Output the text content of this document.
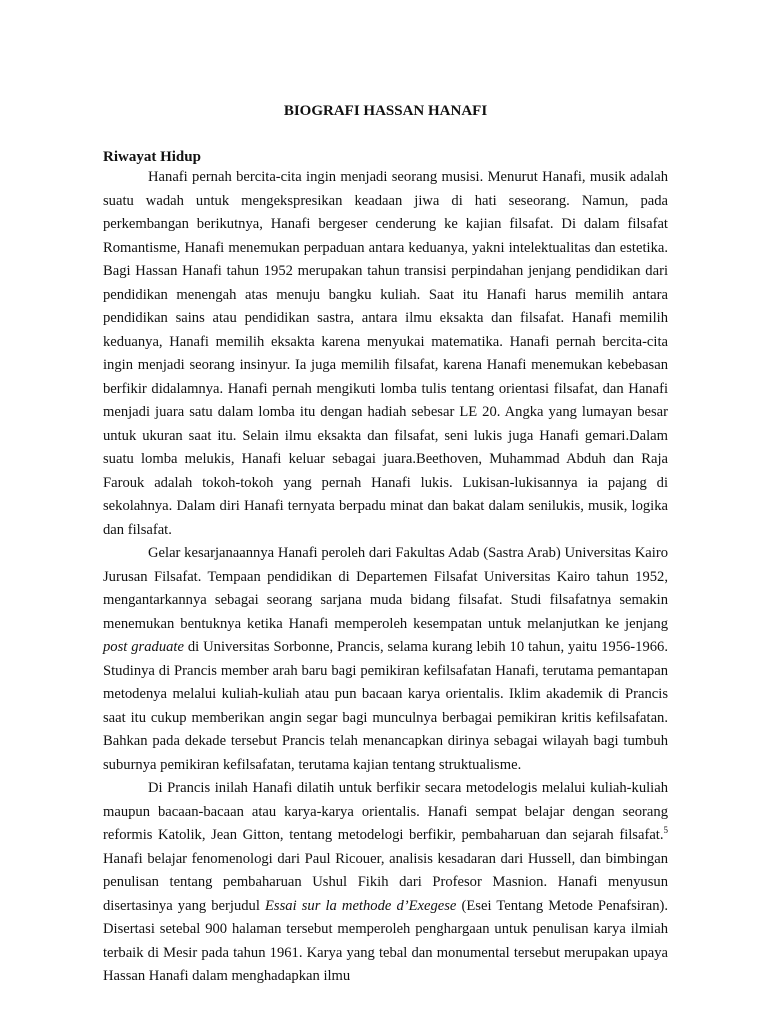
BIOGRAFI HASSAN HANAFI
Riwayat Hidup

Hanafi pernah bercita-cita ingin menjadi seorang musisi. Menurut Hanafi, musik adalah suatu wadah untuk mengekspresikan keadaan jiwa di hati seseorang. Namun, pada perkembangan berikutnya, Hanafi bergeser cenderung ke kajian filsafat. Di dalam filsafat Romantisme, Hanafi menemukan perpaduan antara keduanya, yakni intelektualitas dan estetika. Bagi Hassan Hanafi tahun 1952 merupakan tahun transisi perpindahan jenjang pendidikan dari pendidikan menengah atas menuju bangku kuliah. Saat itu Hanafi harus memilih antara pendidikan sains atau pendidikan sastra, antara ilmu eksakta dan filsafat. Hanafi memilih keduanya, Hanafi memilih eksakta karena menyukai matematika. Hanafi pernah bercita-cita ingin menjadi seorang insinyur. Ia juga memilih filsafat, karena Hanafi menemukan kebebasan berfikir didalamnya. Hanafi pernah mengikuti lomba tulis tentang orientasi filsafat, dan Hanafi menjadi juara satu dalam lomba itu dengan hadiah sebesar LE 20. Angka yang lumayan besar untuk ukuran saat itu. Selain ilmu eksakta dan filsafat, seni lukis juga Hanafi gemari.Dalam suatu lomba melukis, Hanafi keluar sebagai juara.Beethoven, Muhammad Abduh dan Raja Farouk adalah tokoh-tokoh yang pernah Hanafi lukis. Lukisan-lukisannya ia pajang di sekolahnya. Dalam diri Hanafi ternyata berpadu minat dan bakat dalam senilukis, musik, logika dan filsafat.

Gelar kesarjanaannya Hanafi peroleh dari Fakultas Adab (Sastra Arab) Universitas Kairo Jurusan Filsafat. Tempaan pendidikan di Departemen Filsafat Universitas Kairo tahun 1952, mengantarkannya sebagai seorang sarjana muda bidang filsafat. Studi filsafatnya semakin menemukan bentuknya ketika Hanafi memperoleh kesempatan untuk melanjutkan ke jenjang post graduate di Universitas Sorbonne, Prancis, selama kurang lebih 10 tahun, yaitu 1956-1966. Studinya di Prancis member arah baru bagi pemikiran kefilsafatan Hanafi, terutama pemantapan metodenya melalui kuliah-kuliah atau pun bacaan karya orientalis. Iklim akademik di Prancis saat itu cukup memberikan angin segar bagi munculnya berbagai pemikiran kritis kefilsafatan. Bahkan pada dekade tersebut Prancis telah menancapkan dirinya sebagai wilayah bagi tumbuh suburnya pemikiran kefilsafatan, terutama kajian tentang struktualisme.

Di Prancis inilah Hanafi dilatih untuk berfikir secara metodelogis melalui kuliah-kuliah maupun bacaan-bacaan atau karya-karya orientalis. Hanafi sempat belajar dengan seorang reformis Katolik, Jean Gitton, tentang metodelogi berfikir, pembaharuan dan sejarah filsafat.$^5$ Hanafi belajar fenomenologi dari Paul Ricouer, analisis kesadaran dari Hussell, dan bimbingan penulisan tentang pembaharuan Ushul Fikih dari Profesor Masnion. Hanafi menyusun disertasinya yang berjudul Essai sur la methode d’Exegese (Esei Tentang Metode Penafsiran). Disertasi setebal 900 halaman tersebut memperoleh penghargaan untuk penulisan karya ilmiah terbaik di Mesir pada tahun 1961. Karya yang tebal dan monumental tersebut merupakan upaya Hassan Hanafi dalam menghadapkan ilmu
